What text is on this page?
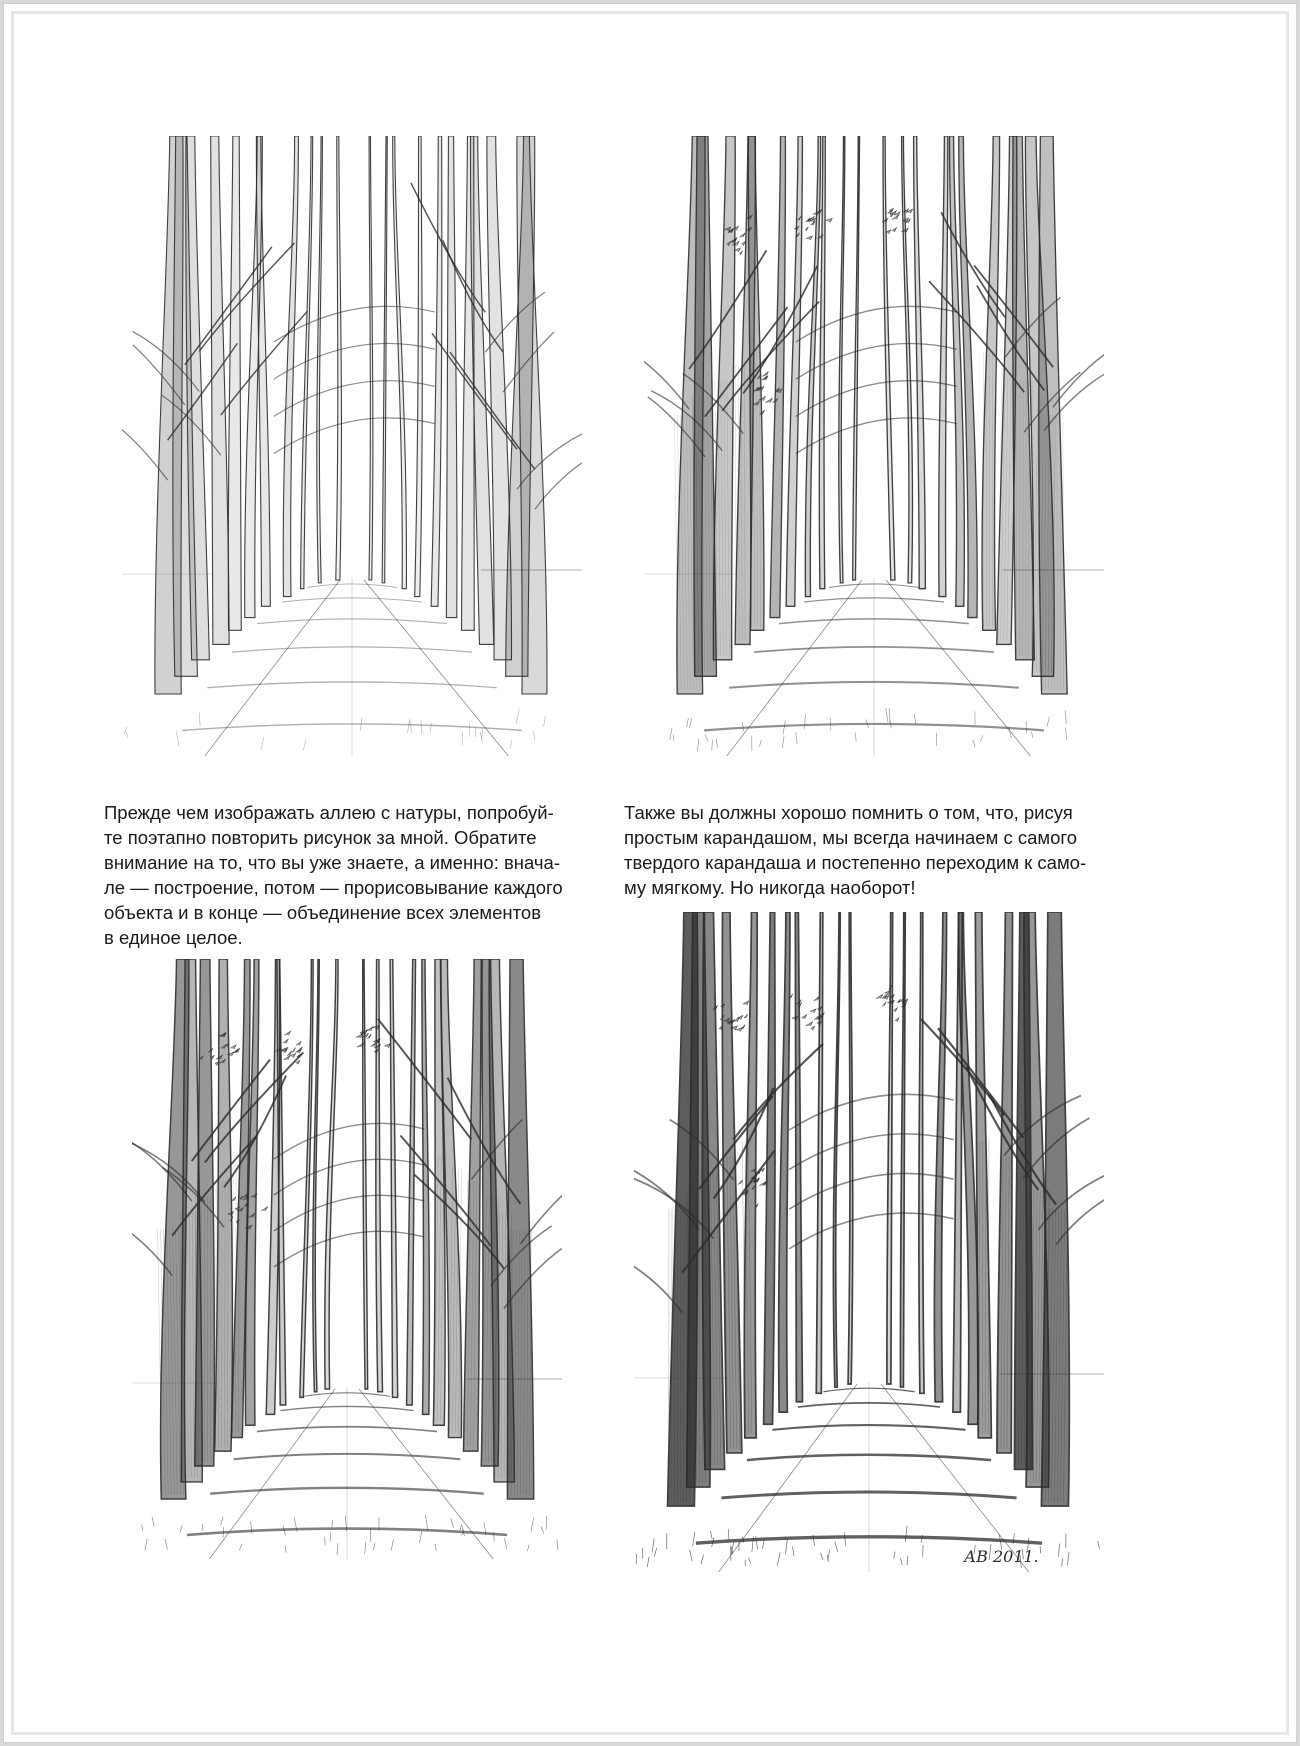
АВ 2011.

Прежде чем изображать аллею с натуры, попробуй-
те поэтапно повторить рисунок за мной. Обратите
внимание на то, что вы уже знаете, а именно: внача-
ле — построение, потом — прорисовывание каждого
объекта и в конце — объединение всех элементов
в единое целое.

Также вы должны хорошо помнить о том, что, рисуя
простым карандашом, мы всегда начинаем с самого
твердого карандаша и постепенно переходим к само-
му мягкому. Но никогда наоборот!
